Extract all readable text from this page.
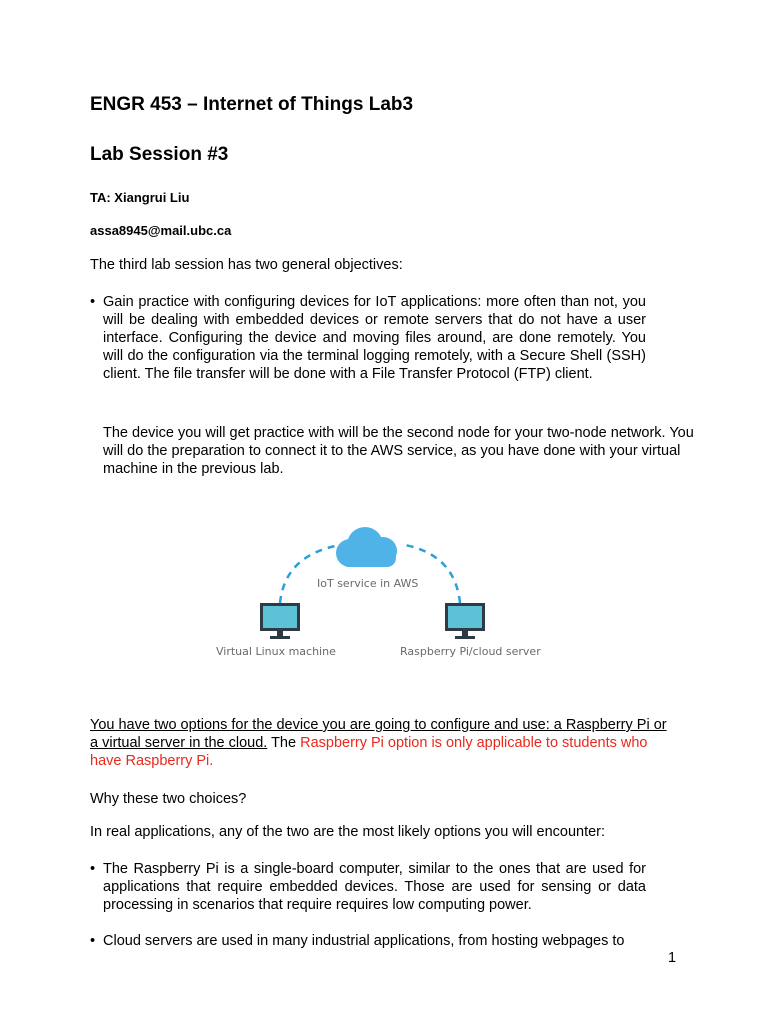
ENGR 453 – Internet of Things Lab3
Lab Session #3
TA: Xiangrui Liu
assa8945@mail.ubc.ca
The third lab session has two general objectives:
• Gain practice with configuring devices for IoT applications: more often than not, you will be dealing with embedded devices or remote servers that do not have a user interface. Configuring the device and moving files around, are done remotely. You will do the configuration via the terminal logging remotely, with a Secure Shell (SSH) client. The file transfer will be done with a File Transfer Protocol (FTP) client.
The device you will get practice with will be the second node for your two-node network. You will do the preparation to connect it to the AWS service, as you have done with your virtual machine in the previous lab.
IoT service in AWS
Virtual Linux machine	Raspberry Pi/cloud server
You have two options for the device you are going to configure and use: a Raspberry Pi or a virtual server in the cloud. The Raspberry Pi option is only applicable to students who have Raspberry Pi.
Why these two choices?
In real applications, any of the two are the most likely options you will encounter:
• The Raspberry Pi is a single-board computer, similar to the ones that are used for applications that require embedded devices. Those are used for sensing or data processing in scenarios that require requires low computing power.
• Cloud servers are used in many industrial applications, from hosting webpages to
1
